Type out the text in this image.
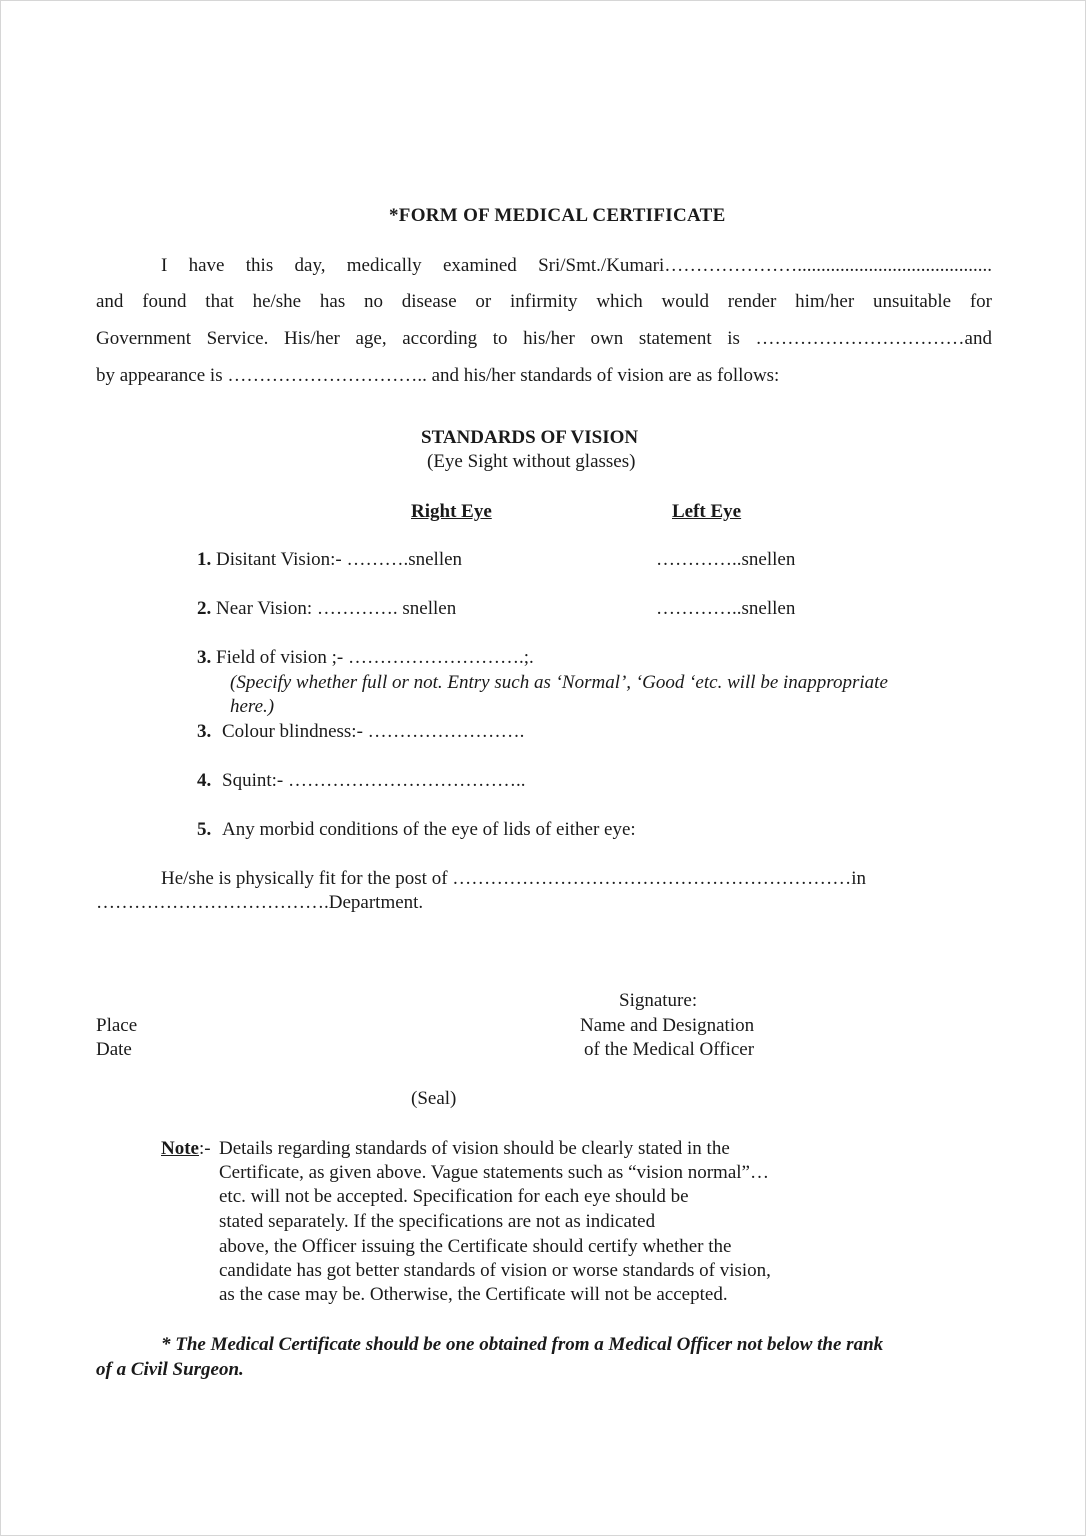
*FORM OF MEDICAL CERTIFICATE
I have this day, medically examined Sri/Smt./Kumari………………….........................................
and found that he/she has no disease or infirmity which would render him/her unsuitable for
Government Service. His/her age, according to his/her own statement is ……………………………and
by appearance is ………………………….. and his/her standards of vision are as follows:
STANDARDS OF VISION
(Eye Sight without glasses)
Right Eye	Left Eye
1. Disitant Vision:- ……….snellen	…………..snellen
2. Near Vision: …………. snellen	…………..snellen
3. Field of vision ;- ……………………….;.
(Specify whether full or not. Entry such as ‘Normal’, ‘Good ‘etc. will be inappropriate
here.)
3. Colour blindness:- …………………….
4. Squint:- ………………………………..
5. Any morbid conditions of the eye of lids of either eye:
He/she is physically fit for the post of ………………………………………………………in
……………………………….Department.
Signature:
Place	Name and Designation
Date	of the Medical Officer
(Seal)
Note:- Details regarding standards of vision should be clearly stated in the
Certificate, as given above. Vague statements such as “vision normal”…
etc. will not be accepted. Specification for each eye should be
stated separately. If the specifications are not as indicated
above, the Officer issuing the Certificate should certify whether the
candidate has got better standards of vision or worse standards of vision,
as the case may be. Otherwise, the Certificate will not be accepted.
* The Medical Certificate should be one obtained from a Medical Officer not below the rank
of a Civil Surgeon.
